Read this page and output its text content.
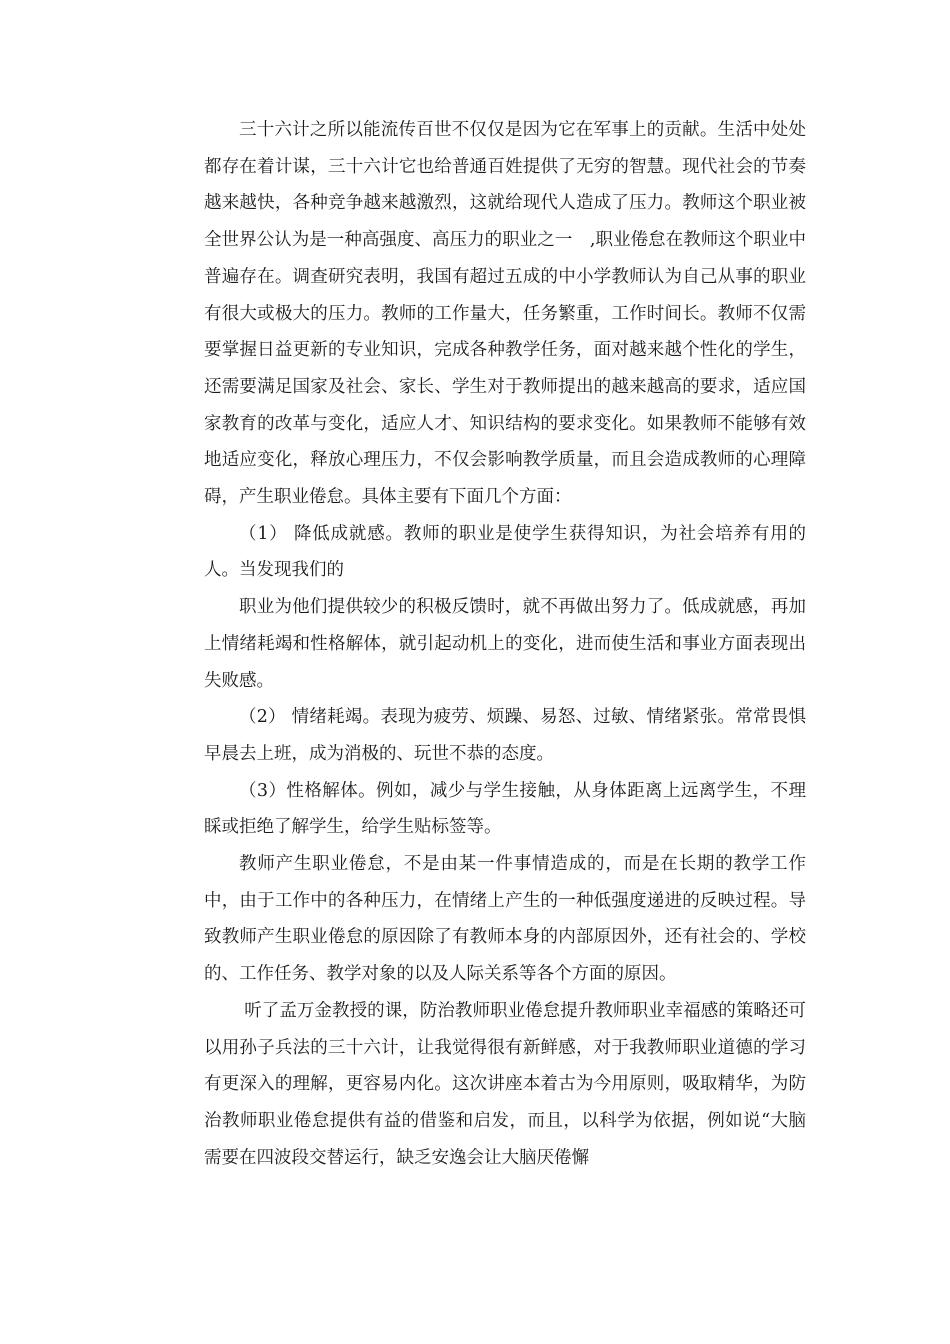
三十六计之所以能流传百世不仅仅是因为它在军事上的贡献。生活中处处都存在着计谋，三十六计它也给普通百姓提供了无穷的智慧。现代社会的节奏越来越快，各种竞争越来越激烈，这就给现代人造成了压力。教师这个职业被全世界公认为是一种高强度、高压力的职业之一　,职业倦怠在教师这个职业中普遍存在。调查研究表明，我国有超过五成的中小学教师认为自己从事的职业有很大或极大的压力。教师的工作量大，任务繁重，工作时间长。教师不仅需要掌握日益更新的专业知识，完成各种教学任务，面对越来越个性化的学生，还需要满足国家及社会、家长、学生对于教师提出的越来越高的要求，适应国家教育的改革与变化，适应人才、知识结构的要求变化。如果教师不能够有效地适应变化，释放心理压力，不仅会影响教学质量，而且会造成教师的心理障碍，产生职业倦怠。具体主要有下面几个方面：

（1） 降低成就感。教师的职业是使学生获得知识，为社会培养有用的人。当发现我们的

职业为他们提供较少的积极反馈时，就不再做出努力了。低成就感，再加上情绪耗竭和性格解体，就引起动机上的变化，进而使生活和事业方面表现出失败感。

（2） 情绪耗竭。表现为疲劳、烦躁、易怒、过敏、情绪紧张。常常畏惧早晨去上班，成为消极的、玩世不恭的态度。

（3）性格解体。例如，减少与学生接触，从身体距离上远离学生，不理睬或拒绝了解学生，给学生贴标签等。

教师产生职业倦怠，不是由某一件事情造成的，而是在长期的教学工作中，由于工作中的各种压力，在情绪上产生的一种低强度递进的反映过程。导致教师产生职业倦怠的原因除了有教师本身的内部原因外，还有社会的、学校的、工作任务、教学对象的以及人际关系等各个方面的原因。

听了孟万金教授的课，防治教师职业倦怠提升教师职业幸福感的策略还可以用孙子兵法的三十六计，让我觉得很有新鲜感，对于我教师职业道德的学习有更深入的理解，更容易内化。这次讲座本着古为今用原则，吸取精华，为防治教师职业倦怠提供有益的借鉴和启发，而且，以科学为依据，例如说“大脑需要在四波段交替运行，缺乏安逸会让大脑厌倦懈
